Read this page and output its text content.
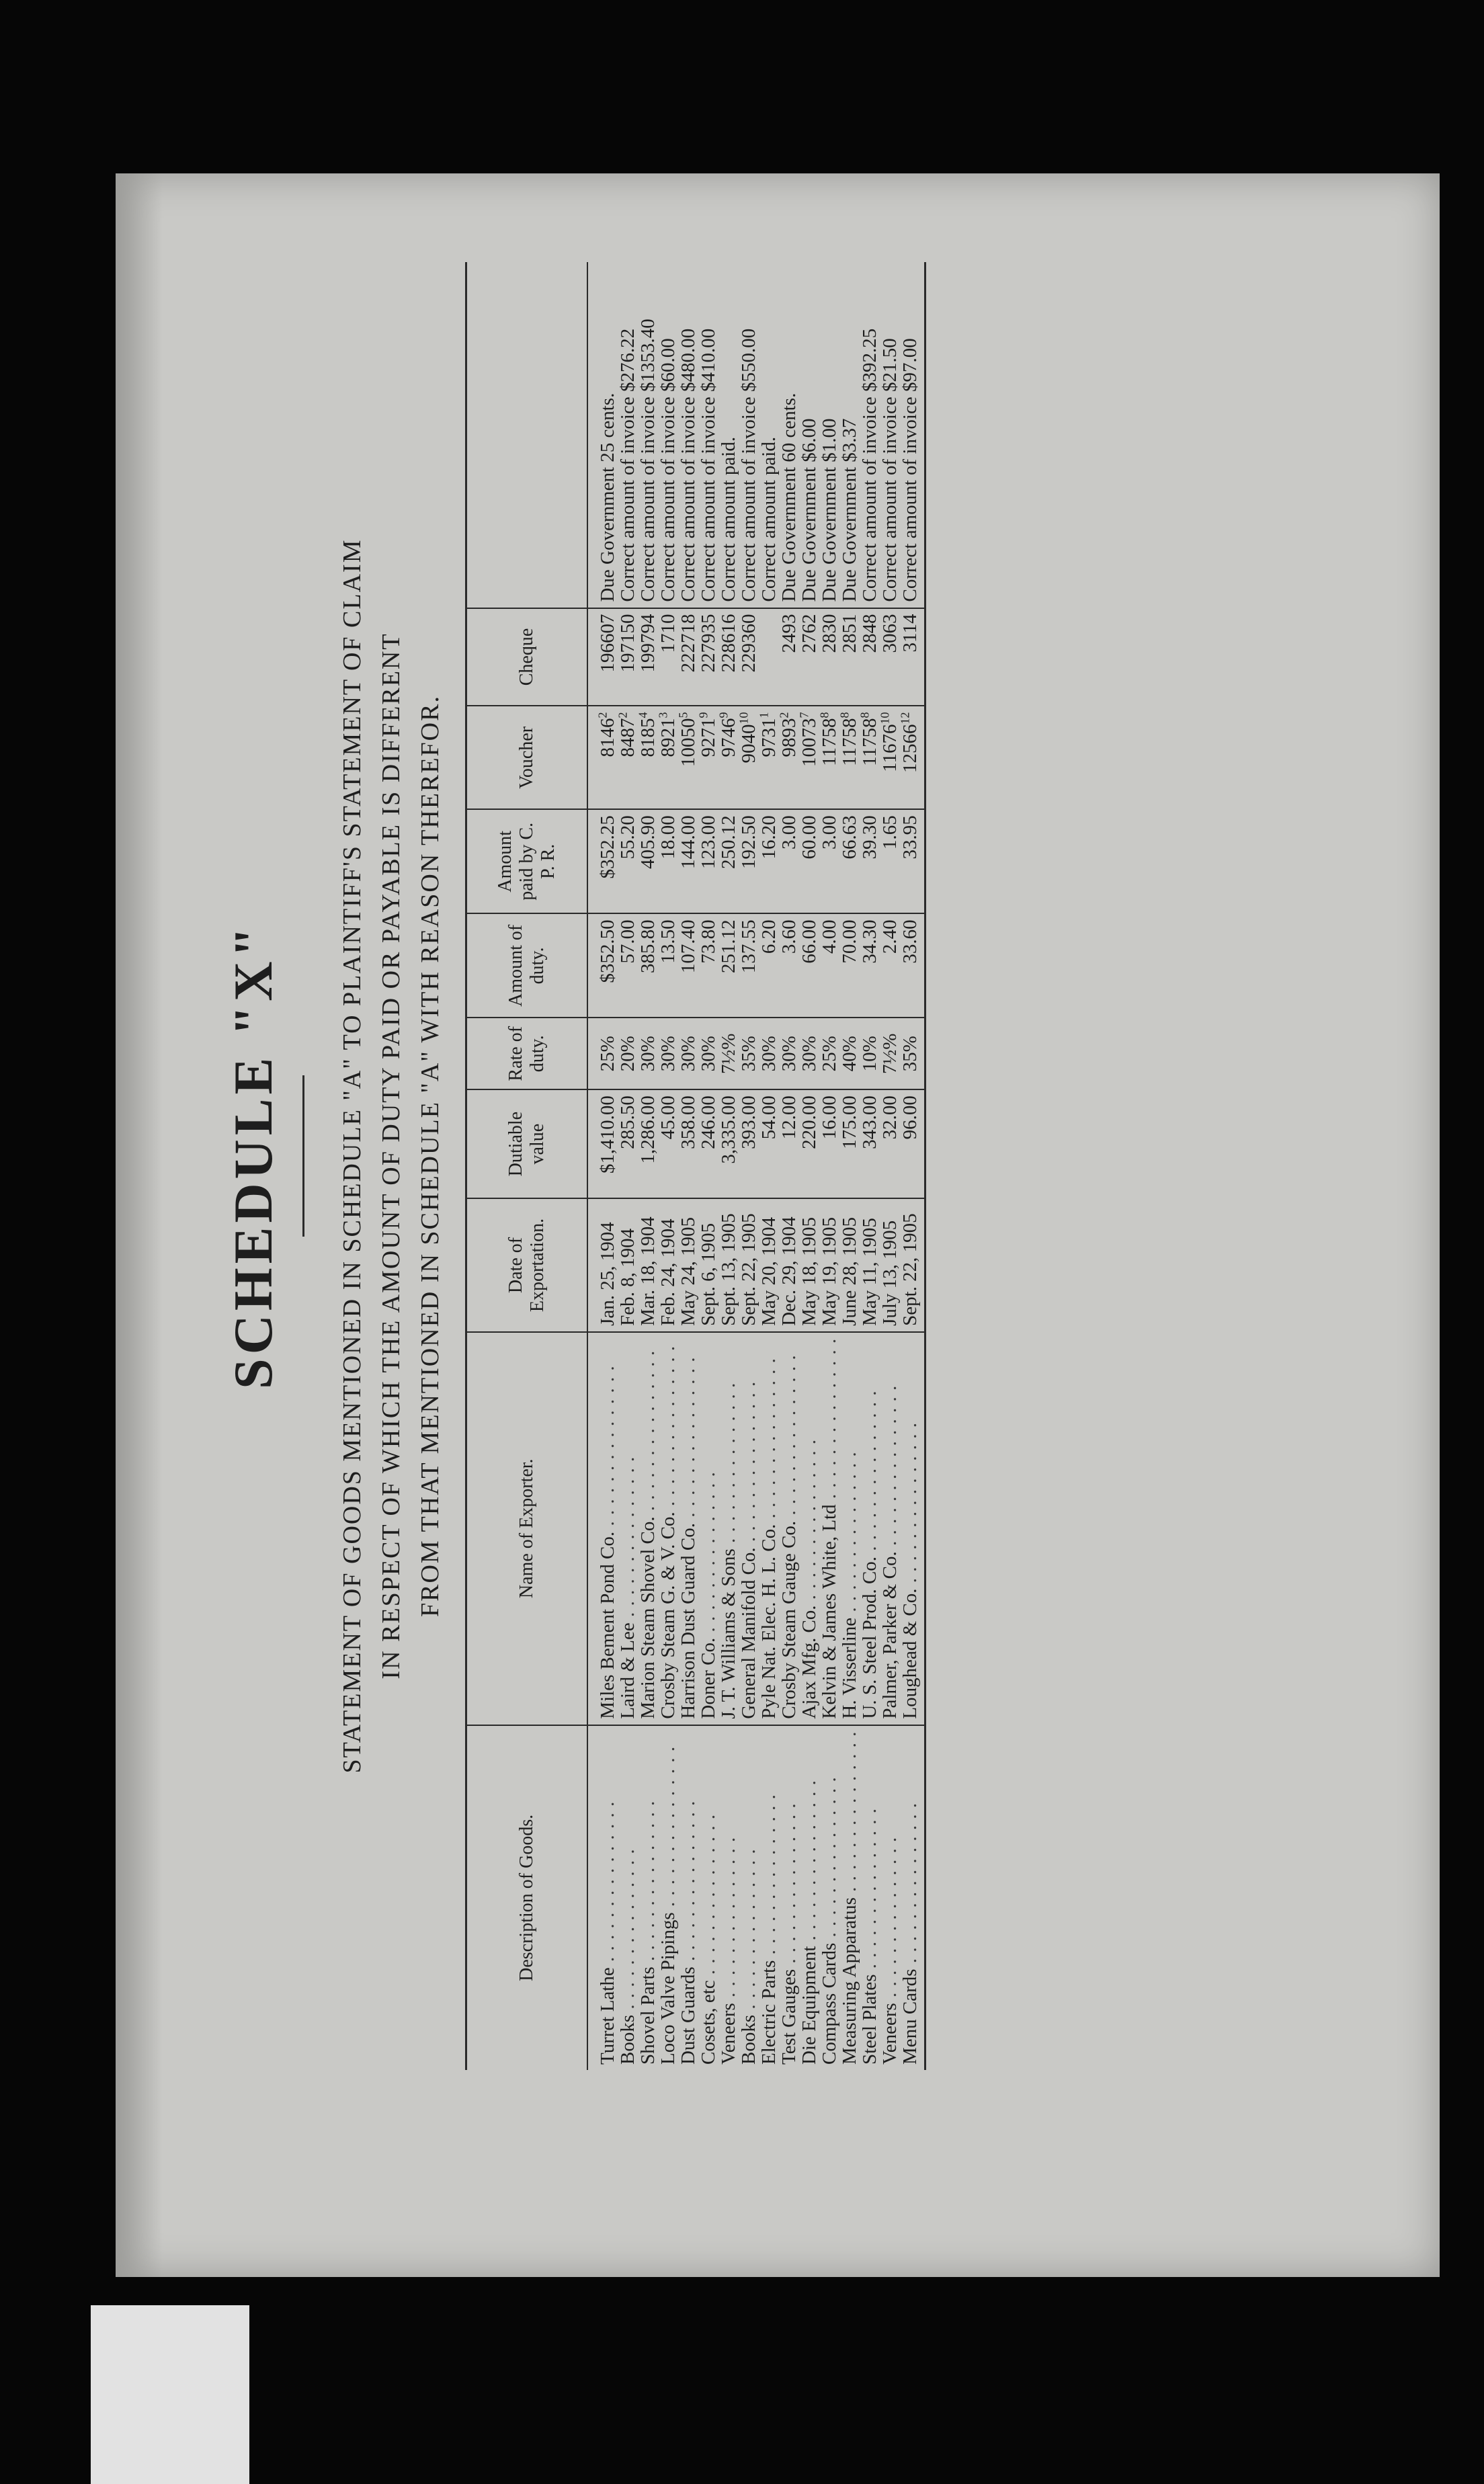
SCHEDULE "X" STATEMENT OF GOODS MENTIONED IN SCHEDULE "A" TO PLAINTIFF'S STATEMENT OF CLAIM IN RESPECT OF WHICH THE AMOUNT OF DUTY PAID OR PAYABLE IS DIFFERENT FROM THAT MENTIONED IN SCHEDULE "A" WITH REASON THEREFOR.
Description of Goods.	Name of Exporter.	Date of Exportation.	Dutiable value	Rate of duty.	Amount of duty.	Amount paid by C. P. R.	Voucher	Cheque	
Turret Lathe . . .	Miles Bement Pond Co. . . .	Jan. 25, 1904	$1,410.00	25%	$352.50	$352.25	8146$^2$	196607	Due Government 25 cents.
Books . . .	Laird & Lee . . .	Feb. 8, 1904	285.50	20%	57.00	55.20	8487$^2$	197150	Correct amount of invoice $276.22
Shovel Parts . . .	Marion Steam Shovel Co. . . .	Mar. 18, 1904	1,286.00	30%	385.80	405.90	8185$^4$	199794	Correct amount of invoice $1353.40
Loco Valve Pipings . . .	Crosby Steam G. & V. Co. . . .	Feb. 24, 1904	45.00	30%	13.50	18.00	8921$^3$	1710	Correct amount of invoice $60.00
Dust Guards . . .	Harrison Dust Guard Co. . . .	May 24, 1905	358.00	30%	107.40	144.00	10050$^5$	222718	Correct amount of invoice $480.00
Cosets, etc . . .	Doner Co. . . .	Sept. 6, 1905	246.00	30%	73.80	123.00	9271$^9$	227935	Correct amount of invoice $410.00
Veneers . . .	J. T. Williams & Sons . . .	Sept. 13, 1905	3,335.00	7½%	251.12	250.12	9746$^9$	228616	Correct amount paid.
Books . . .	General Manifold Co. . . .	Sept. 22, 1905	393.00	35%	137.55	192.50	9040$^{10}$	229360	Correct amount of invoice $550.00
Electric Parts . . .	Pyle Nat. Elec. H. L. Co. . . .	May 20, 1904	54.00	30%	6.20	16.20	9731$^1$		Correct amount paid.
Test Gauges . . .	Crosby Steam Gauge Co. . . .	Dec. 29, 1904	12.00	30%	3.60	3.00	9893$^2$	2493	Due Government 60 cents.
Die Equipment . . .	Ajax Mfg. Co. . . .	May 18, 1905	220.00	30%	66.00	60.00	10073$^7$	2762	Due Government $6.00
Compass Cards . . .	Kelvin & James White, Ltd . . .	May 19, 1905	16.00	25%	4.00	3.00	11758$^8$	2830	Due Government $1.00
Measuring Apparatus . . .	H. Visserline . . .	June 28, 1905	175.00	40%	70.00	66.63	11758$^8$	2851	Due Government $3.37
Steel Plates . . .	U. S. Steel Prod. Co. . . .	May 11, 1905	343.00	10%	34.30	39.30	11758$^8$	2848	Correct amount of invoice $392.25
Veneers . . .	Palmer, Parker & Co. . . .	July 13, 1905	32.00	7½%	2.40	1.65	11676$^{10}$	3063	Correct amount of invoice $21.50
Menu Cards . . .	Loughead & Co. . . .	Sept. 22, 1905	96.00	35%	33.60	33.95	12566$^{12}$	3114	Correct amount of invoice $97.00
